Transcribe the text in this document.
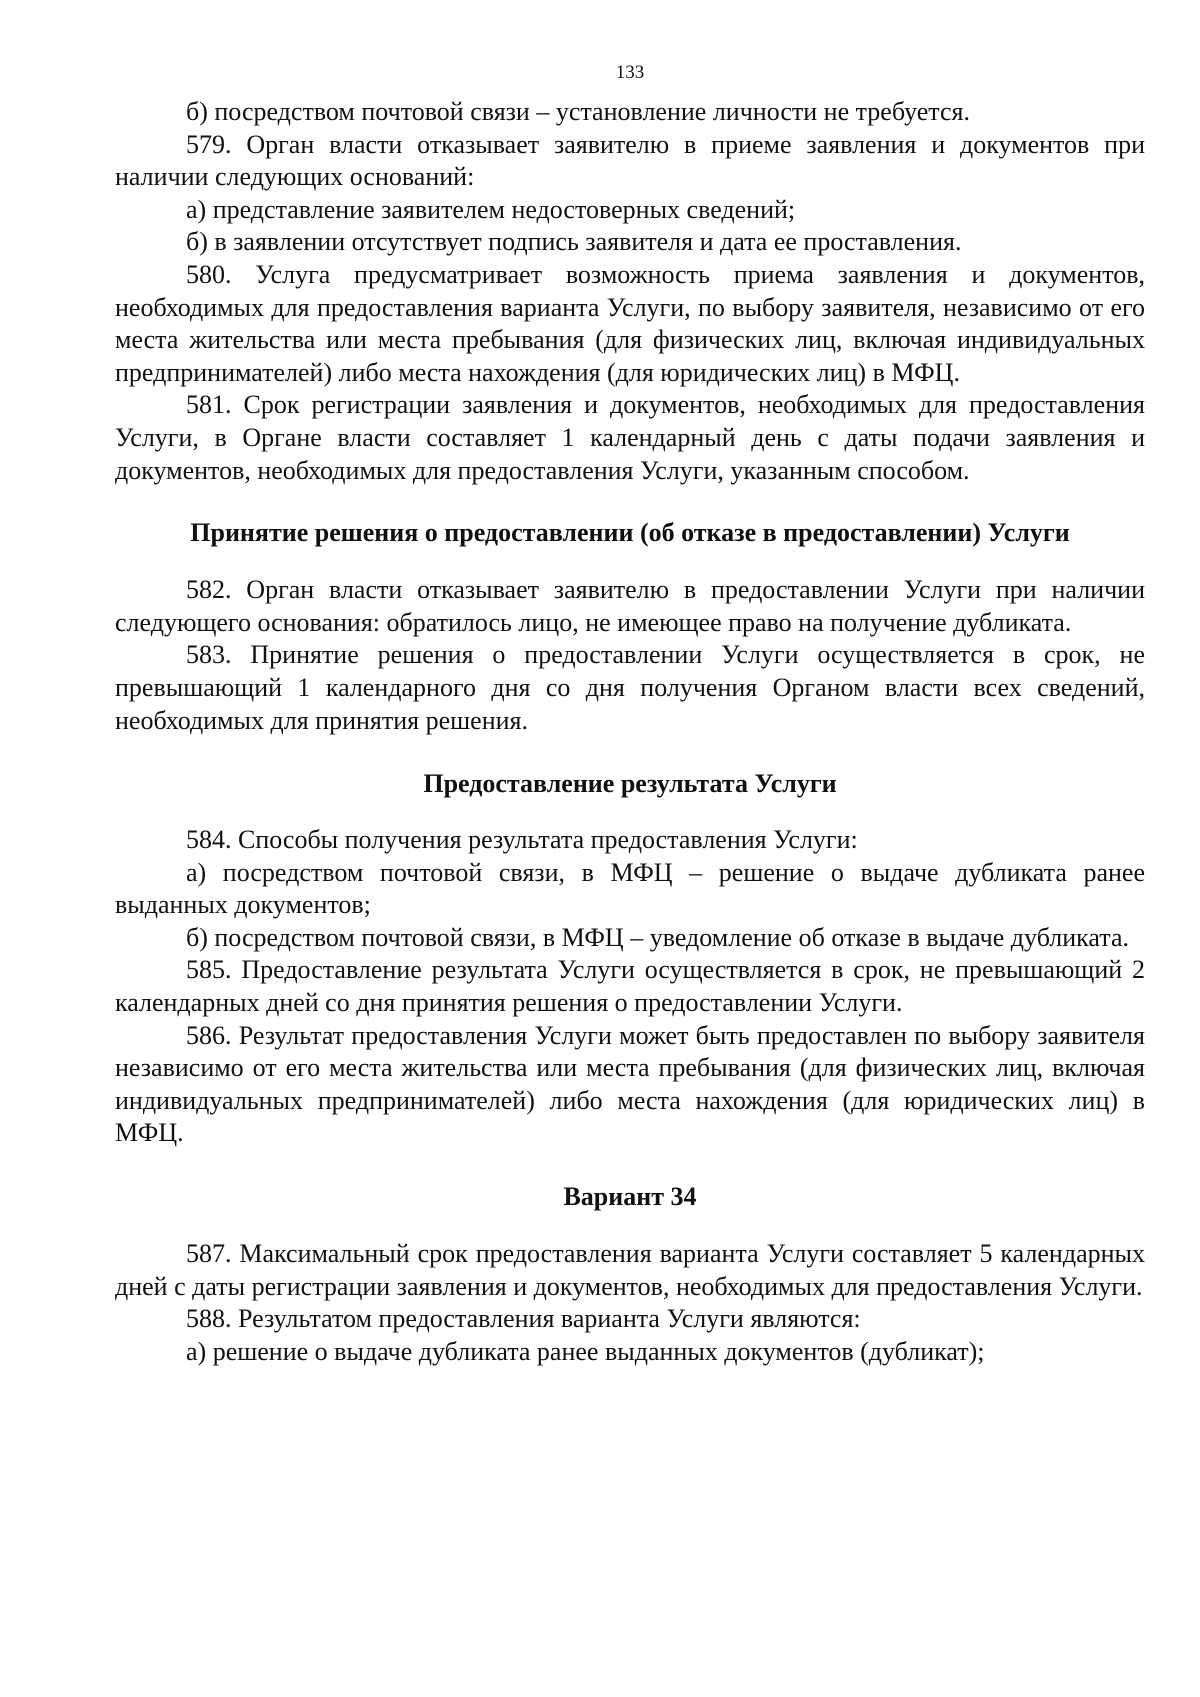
133

б) посредством почтовой связи – установление личности не требуется.

579. Орган власти отказывает заявителю в приеме заявления и документов при наличии следующих оснований:

а) представление заявителем недостоверных сведений;

б) в заявлении отсутствует подпись заявителя и дата ее проставления.

580. Услуга предусматривает возможность приема заявления и документов, необходимых для предоставления варианта Услуги, по выбору заявителя, независимо от его места жительства или места пребывания (для физических лиц, включая индивидуальных предпринимателей) либо места нахождения (для юридических лиц) в МФЦ.

581. Срок регистрации заявления и документов, необходимых для предоставления Услуги, в Органе власти составляет 1 календарный день с даты подачи заявления и документов, необходимых для предоставления Услуги, указанным способом.

Принятие решения о предоставлении (об отказе в предоставлении) Услуги

582. Орган власти отказывает заявителю в предоставлении Услуги при наличии следующего основания: обратилось лицо, не имеющее право на получение дубликата.

583. Принятие решения о предоставлении Услуги осуществляется в срок, не превышающий 1 календарного дня со дня получения Органом власти всех сведений, необходимых для принятия решения.

Предоставление результата Услуги

584. Способы получения результата предоставления Услуги:

а) посредством почтовой связи, в МФЦ – решение о выдаче дубликата ранее выданных документов;

б) посредством почтовой связи, в МФЦ – уведомление об отказе в выдаче дубликата.

585. Предоставление результата Услуги осуществляется в срок, не превышающий 2 календарных дней со дня принятия решения о предоставлении Услуги.

586. Результат предоставления Услуги может быть предоставлен по выбору заявителя независимо от его места жительства или места пребывания (для физических лиц, включая индивидуальных предпринимателей) либо места нахождения (для юридических лиц) в МФЦ.

Вариант 34

587. Максимальный срок предоставления варианта Услуги составляет 5 календарных дней с даты регистрации заявления и документов, необходимых для предоставления Услуги.

588. Результатом предоставления варианта Услуги являются:

а) решение о выдаче дубликата ранее выданных документов (дубликат);
